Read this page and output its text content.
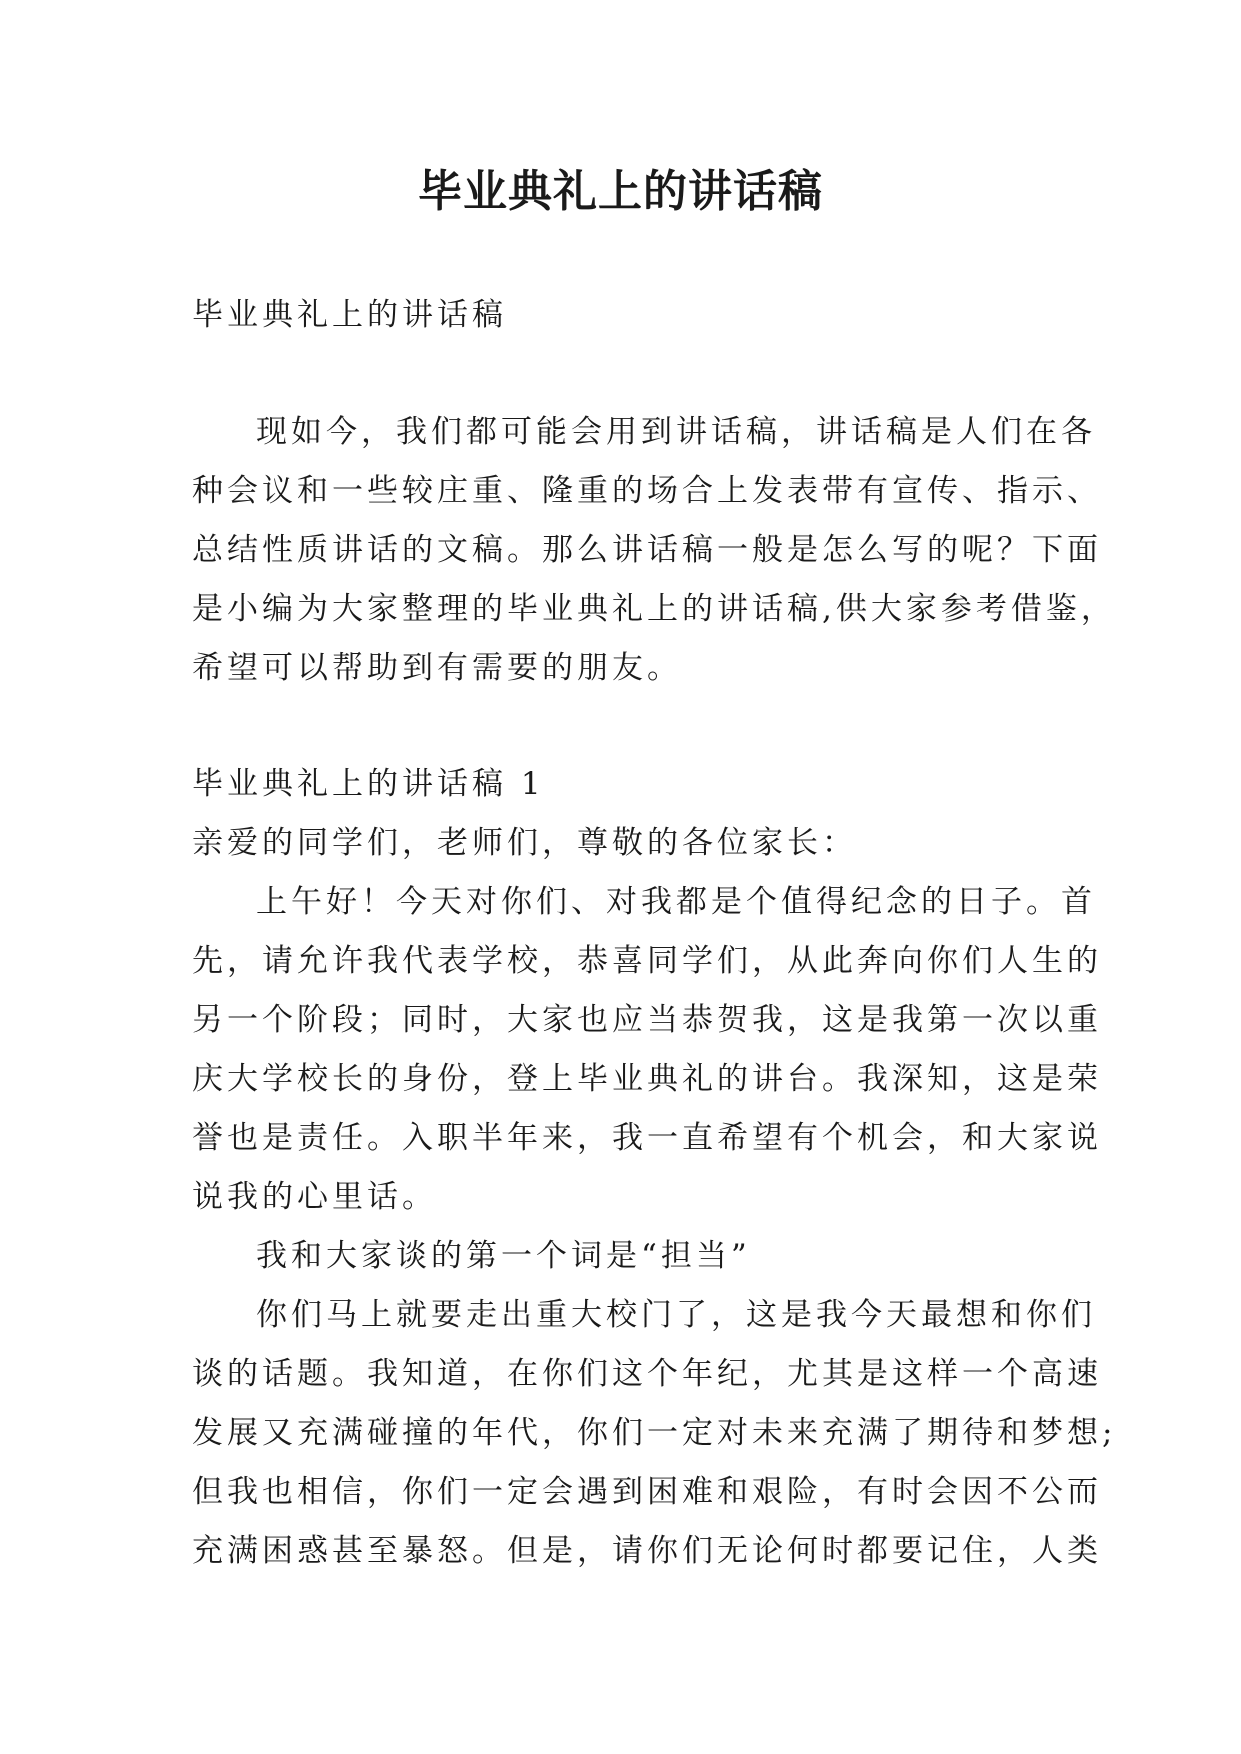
毕业典礼上的讲话稿

毕业典礼上的讲话稿

现如今，我们都可能会用到讲话稿，讲话稿是人们在各
种会议和一些较庄重、隆重的场合上发表带有宣传、指示、
总结性质讲话的文稿。那么讲话稿一般是怎么写的呢？下面
是小编为大家整理的毕业典礼上的讲话稿,供大家参考借鉴，
希望可以帮助到有需要的朋友。

毕业典礼上的讲话稿 1
亲爱的同学们，老师们，尊敬的各位家长：
上午好！今天对你们、对我都是个值得纪念的日子。首
先，请允许我代表学校，恭喜同学们，从此奔向你们人生的
另一个阶段；同时，大家也应当恭贺我，这是我第一次以重
庆大学校长的身份，登上毕业典礼的讲台。我深知，这是荣
誉也是责任。入职半年来，我一直希望有个机会，和大家说
说我的心里话。
我和大家谈的第一个词是“担当”
你们马上就要走出重大校门了，这是我今天最想和你们
谈的话题。我知道，在你们这个年纪，尤其是这样一个高速
发展又充满碰撞的年代，你们一定对未来充满了期待和梦想;
但我也相信，你们一定会遇到困难和艰险，有时会因不公而
充满困惑甚至暴怒。但是，请你们无论何时都要记住，人类
